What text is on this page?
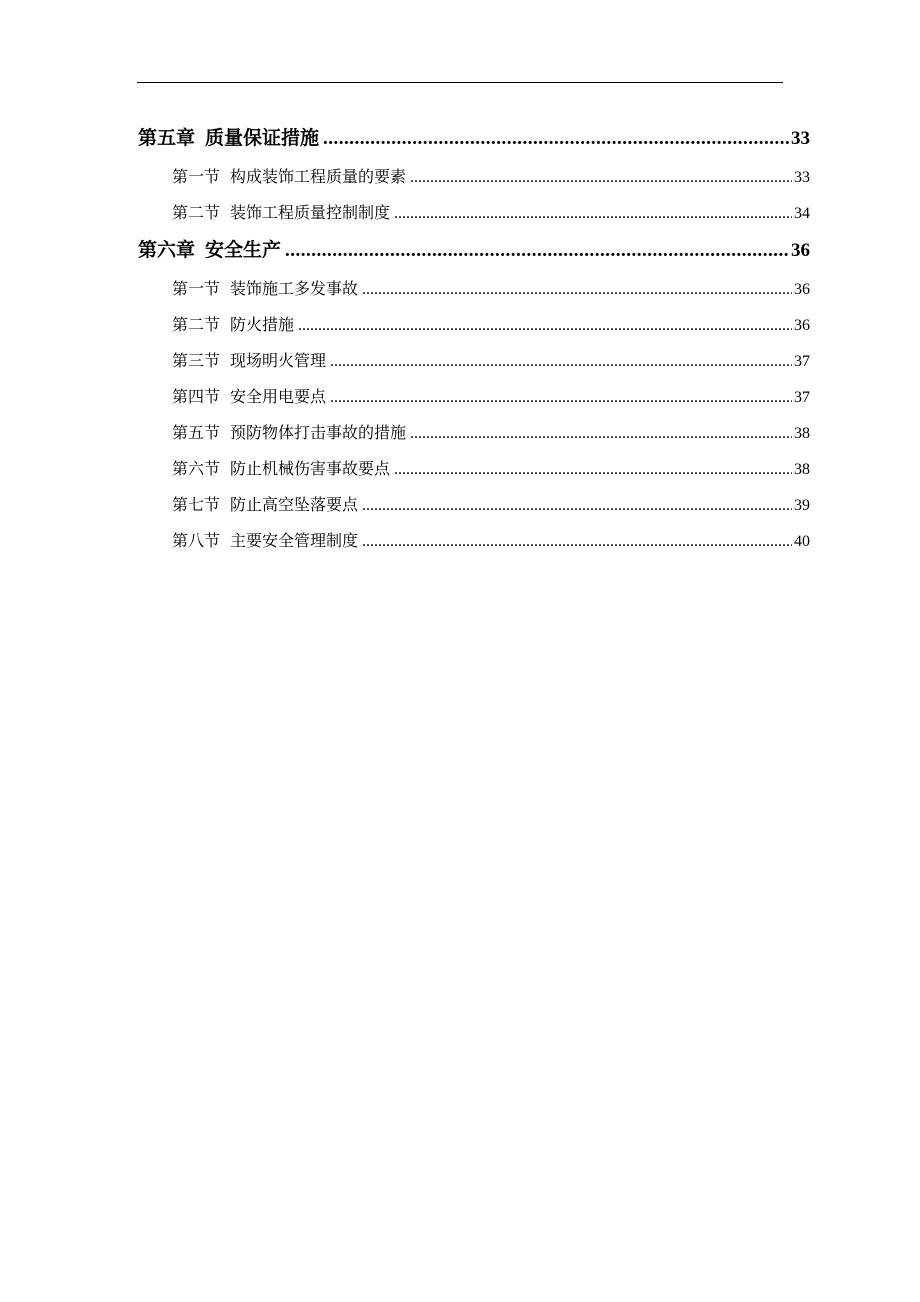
第五章 质量保证措施 .....	33
第一节 构成装饰工程质量的要素 .....	33
第二节 装饰工程质量控制制度 .....	34
第六章 安全生产 .....	36
第一节 装饰施工多发事故 .....	36
第二节 防火措施 .....	36
第三节 现场明火管理 .....	37
第四节 安全用电要点 .....	37
第五节 预防物体打击事故的措施 .....	38
第六节 防止机械伤害事故要点 .....	38
第七节 防止高空坠落要点 .....	39
第八节 主要安全管理制度 .....	40
